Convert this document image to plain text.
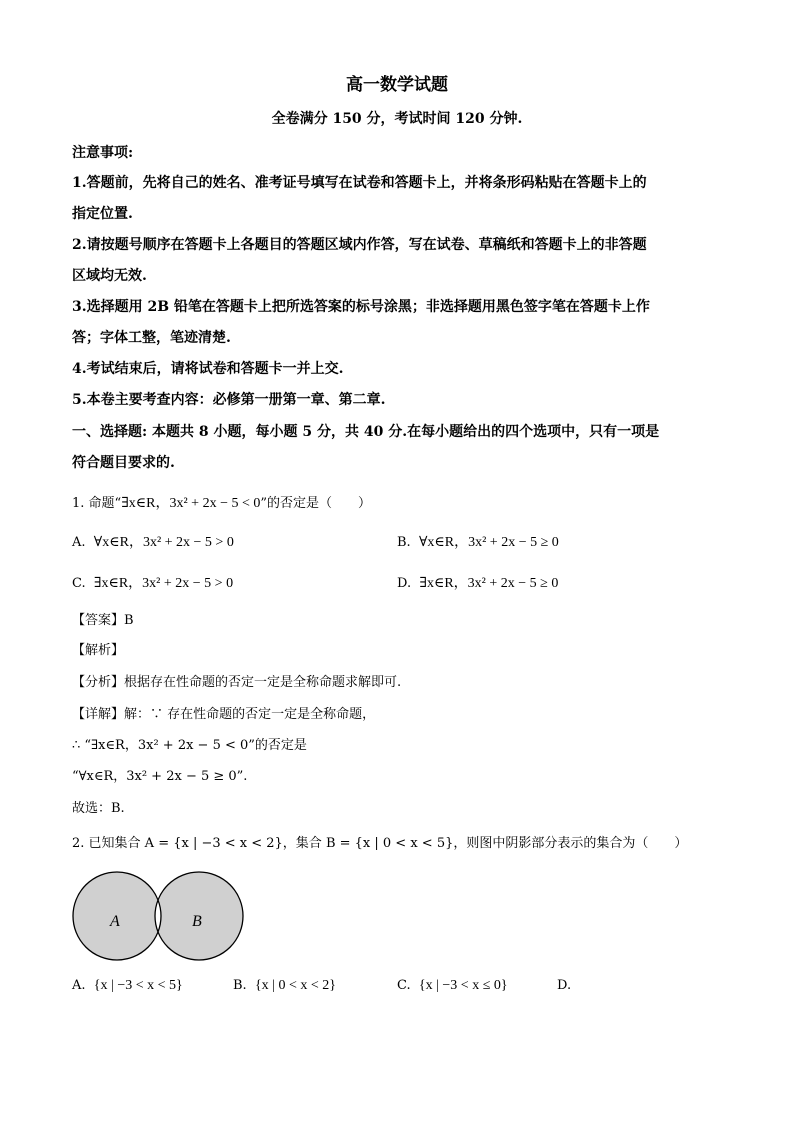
高一数学试题
全卷满分 150 分，考试时间 120 分钟.
注意事项:
1.答题前，先将自己的姓名、准考证号填写在试卷和答题卡上，并将条形码粘贴在答题卡上的
指定位置.
2.请按题号顺序在答题卡上各题目的答题区域内作答，写在试卷、草稿纸和答题卡上的非答题
区域均无效.
3.选择题用 2B 铅笔在答题卡上把所选答案的标号涂黑；非选择题用黑色签字笔在答题卡上作
答；字体工整，笔迹清楚.
4.考试结束后，请将试卷和答题卡一并上交.
5.本卷主要考查内容：必修第一册第一章、第二章.
一、选择题: 本题共 8 小题，每小题 5 分，共 40 分.在每小题给出的四个选项中，只有一项是
符合题目要求的.
1. 命题“∃x∈R，3x² + 2x − 5 < 0”的否定是（　　）
A. ∀x∈R，3x² + 2x − 5 > 0	B. ∀x∈R，3x² + 2x − 5 ≥ 0
C. ∃x∈R，3x² + 2x − 5 > 0	D. ∃x∈R，3x² + 2x − 5 ≥ 0
【答案】B
【解析】
【分析】根据存在性命题的否定一定是全称命题求解即可.
【详解】解：∵ 存在性命题的否定一定是全称命题，
∴ “∃x∈R，3x² + 2x − 5 < 0”的否定是
“∀x∈R，3x² + 2x − 5 ≥ 0”.
故选：B.
2. 已知集合 A = {x | −3 < x < 2}，集合 B = {x | 0 < x < 5}，则图中阴影部分表示的集合为（　　）
A	B
A. {x | −3 < x < 5}	B. {x | 0 < x < 2}	C. {x | −3 < x ≤ 0}	D.
